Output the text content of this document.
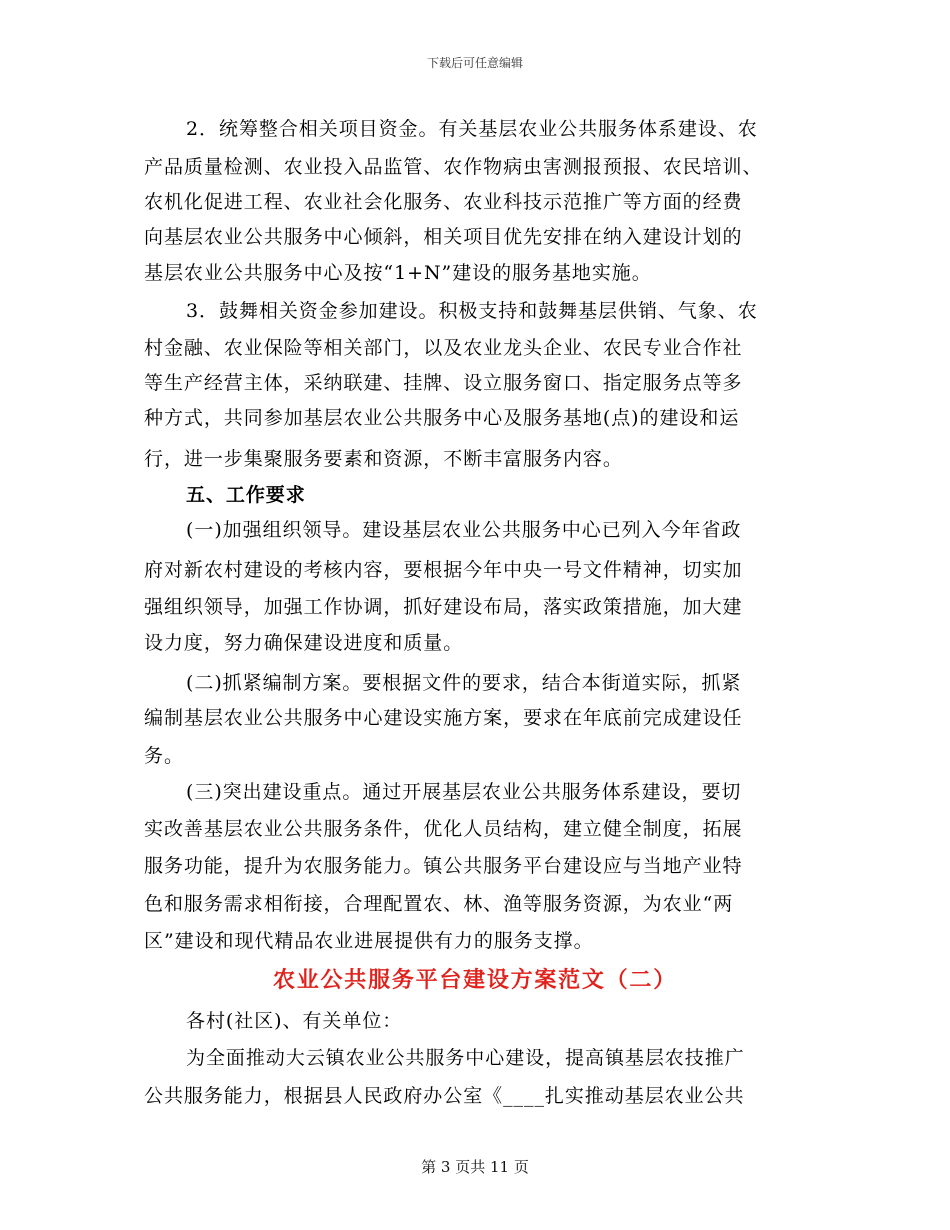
下载后可任意编辑
2．统筹整合相关项目资金。有关基层农业公共服务体系建设、农
产品质量检测、农业投入品监管、农作物病虫害测报预报、农民培训、
农机化促进工程、农业社会化服务、农业科技示范推广等方面的经费
向基层农业公共服务中心倾斜，相关项目优先安排在纳入建设计划的
基层农业公共服务中心及按“1+N”建设的服务基地实施。
3．鼓舞相关资金参加建设。积极支持和鼓舞基层供销、气象、农
村金融、农业保险等相关部门，以及农业龙头企业、农民专业合作社
等生产经营主体，采纳联建、挂牌、设立服务窗口、指定服务点等多
种方式，共同参加基层农业公共服务中心及服务基地(点)的建设和运
行，进一步集聚服务要素和资源，不断丰富服务内容。
五、工作要求
(一)加强组织领导。建设基层农业公共服务中心已列入今年省政
府对新农村建设的考核内容，要根据今年中央一号文件精神，切实加
强组织领导，加强工作协调，抓好建设布局，落实政策措施，加大建
设力度，努力确保建设进度和质量。
(二)抓紧编制方案。要根据文件的要求，结合本街道实际，抓紧
编制基层农业公共服务中心建设实施方案，要求在年底前完成建设任
务。
(三)突出建设重点。通过开展基层农业公共服务体系建设，要切
实改善基层农业公共服务条件，优化人员结构，建立健全制度，拓展
服务功能，提升为农服务能力。镇公共服务平台建设应与当地产业特
色和服务需求相衔接，合理配置农、林、渔等服务资源，为农业“两
区”建设和现代精品农业进展提供有力的服务支撑。
农业公共服务平台建设方案范文（二）
各村(社区)、有关单位：
为全面推动大云镇农业公共服务中心建设，提高镇基层农技推广
公共服务能力，根据县人民政府办公室《____扎实推动基层农业公共
第 3 页共 11 页
